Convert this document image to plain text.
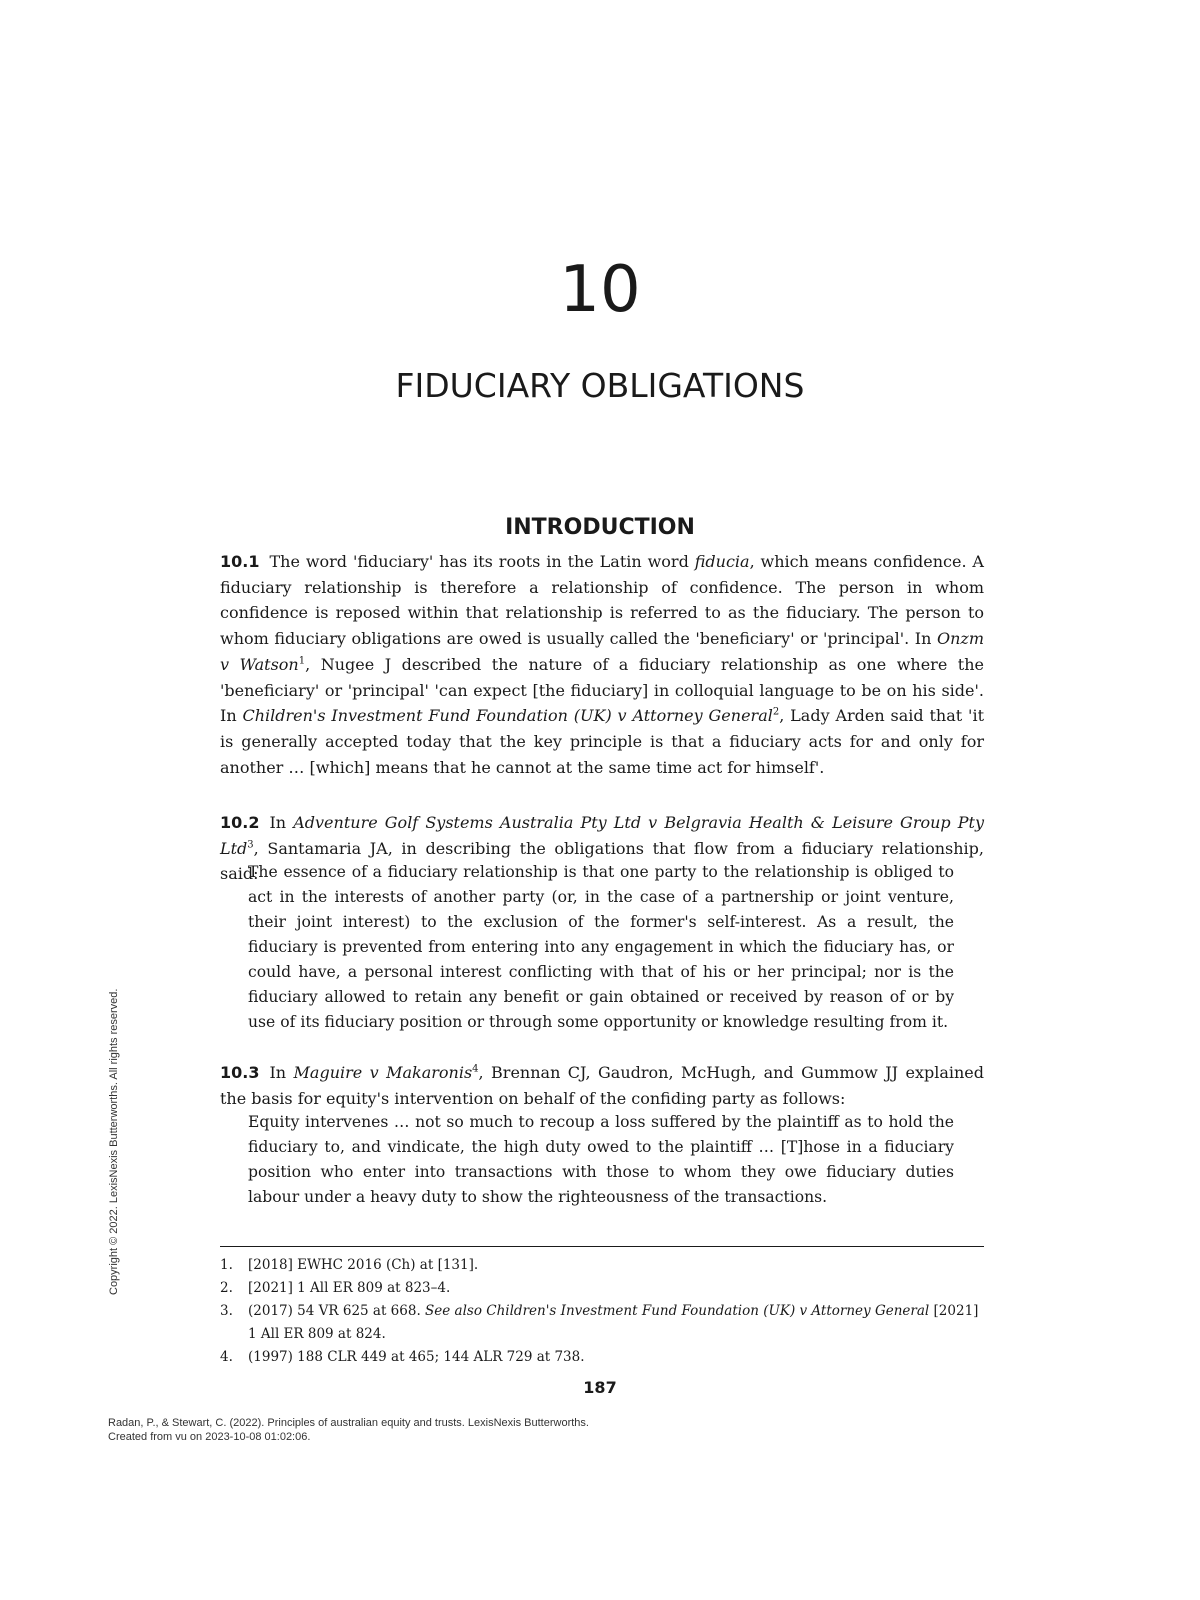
10
FIDUCIARY OBLIGATIONS
INTRODUCTION

10.1 The word 'fiduciary' has its roots in the Latin word fiducia, which means confidence. A fiduciary relationship is therefore a relationship of confidence. The person in whom confidence is reposed within that relationship is referred to as the fiduciary. The person to whom fiduciary obligations are owed is usually called the 'beneficiary' or 'principal'. In Onzm v Watson$^1$, Nugee J described the nature of a fiduciary relationship as one where the 'beneficiary' or 'principal' 'can expect [the fiduciary] in colloquial language to be on his side'. In Children's Investment Fund Foundation (UK) v Attorney General$^2$, Lady Arden said that 'it is generally accepted today that the key principle is that a fiduciary acts for and only for another … [which] means that he cannot at the same time act for himself'.

10.2 In Adventure Golf Systems Australia Pty Ltd v Belgravia Health & Leisure Group Pty Ltd$^3$, Santamaria JA, in describing the obligations that flow from a fiduciary relationship, said:

The essence of a fiduciary relationship is that one party to the relationship is obliged to act in the interests of another party (or, in the case of a partnership or joint venture, their joint interest) to the exclusion of the former's self-interest. As a result, the fiduciary is prevented from entering into any engagement in which the fiduciary has, or could have, a personal interest conflicting with that of his or her principal; nor is the fiduciary allowed to retain any benefit or gain obtained or received by reason of or by use of its fiduciary position or through some opportunity or knowledge resulting from it.

10.3 In Maguire v Makaronis$^4$, Brennan CJ, Gaudron, McHugh, and Gummow JJ explained the basis for equity's intervention on behalf of the confiding party as follows:

Equity intervenes … not so much to recoup a loss suffered by the plaintiff as to hold the fiduciary to, and vindicate, the high duty owed to the plaintiff … [T]hose in a fiduciary position who enter into transactions with those to whom they owe fiduciary duties labour under a heavy duty to show the righteousness of the transactions.

1. [2018] EWHC 2016 (Ch) at [131].
2. [2021] 1 All ER 809 at 823–4.
3. (2017) 54 VR 625 at 668. See also Children's Investment Fund Foundation (UK) v Attorney General [2021] 1 All ER 809 at 824.
4. (1997) 188 CLR 449 at 465; 144 ALR 729 at 738.
187
Radan, P., & Stewart, C. (2022). Principles of australian equity and trusts. LexisNexis Butterworths.
Created from vu on 2023-10-08 01:02:06.
Copyright © 2022. LexisNexis Butterworths. All rights reserved.
